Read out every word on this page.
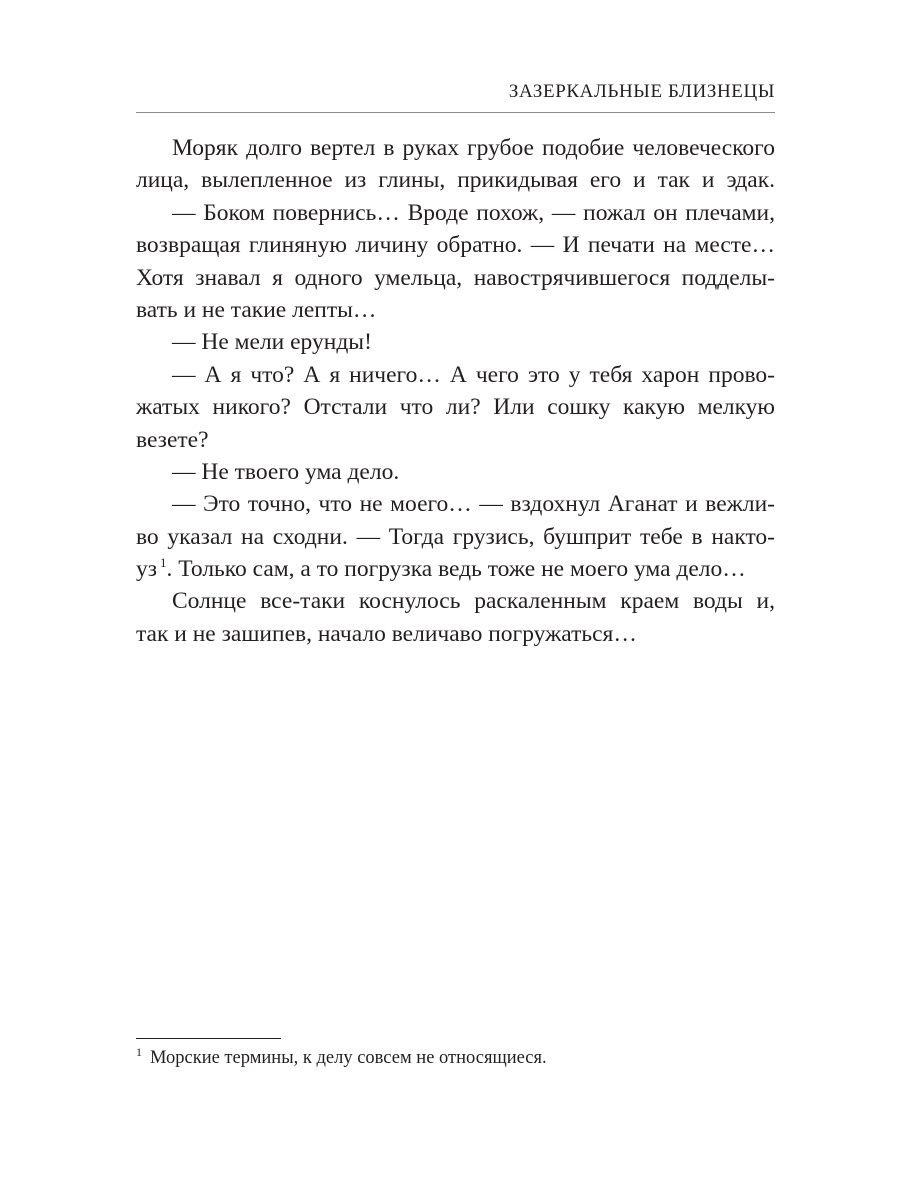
ЗАЗЕРКАЛЬНЫЕ БЛИЗНЕЦЫ
Моряк долго вертел в руках грубое подобие человеческого
лица, вылепленное из глины, прикидывая его и так и эдак.
— Боком повернись… Вроде похож, — пожал он плечами,
возвращая глиняную личину обратно. — И печати на месте…
Хотя знавал я одного умельца, навострячившегося подделы-
вать и не такие лепты…
— Не мели ерунды!
— А я что? А я ничего… А чего это у тебя харон прово-
жатых никого? Отстали что ли? Или сошку какую мелкую
везете?
— Не твоего ума дело.
— Это точно, что не моего… — вздохнул Аганат и вежли-
во указал на сходни. — Тогда грузись, бушприт тебе в накто-
уз $^1$. Только сам, а то погрузка ведь тоже не моего ума дело…
Солнце все-таки коснулось раскаленным краем воды и,
так и не зашипев, начало величаво погружаться…
1 Морские термины, к делу совсем не относящиеся.
